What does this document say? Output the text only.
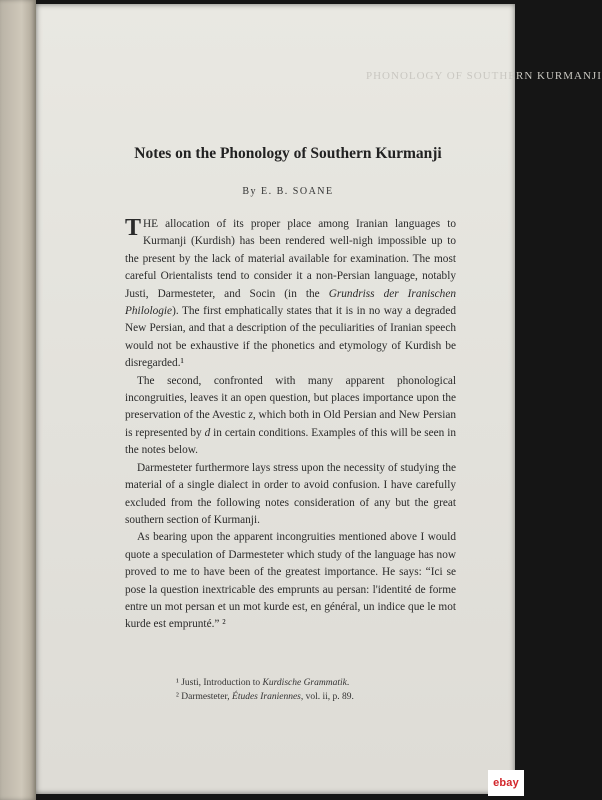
PHONOLOGY OF SOUTHERN KURMANJI
Notes on the Phonology of Southern Kurmanji
By E. B. SOANE

THE allocation of its proper place among Iranian languages to Kurmanji (Kurdish) has been rendered well-nigh impossible up to the present by the lack of material available for examination. The most careful Orientalists tend to consider it a non-Persian language, notably Justi, Darmesteter, and Socin (in the Grundriss der Iranischen Philologie). The first emphatically states that it is in no way a degraded New Persian, and that a description of the peculiarities of Iranian speech would not be exhaustive if the phonetics and etymology of Kurdish be disregarded.¹

The second, confronted with many apparent phonological incongruities, leaves it an open question, but places importance upon the preservation of the Avestic z, which both in Old Persian and New Persian is represented by d in certain conditions. Examples of this will be seen in the notes below.

Darmesteter furthermore lays stress upon the necessity of studying the material of a single dialect in order to avoid confusion. I have carefully excluded from the following notes consideration of any but the great southern section of Kurmanji.

As bearing upon the apparent incongruities mentioned above I would quote a speculation of Darmesteter which study of the language has now proved to me to have been of the greatest importance. He says: “Ici se pose la question inextricable des emprunts au persan: l'identité de forme entre un mot persan et un mot kurde est, en général, un indice que le mot kurde est emprunté.” ²

¹ Justi, Introduction to Kurdische Grammatik.
² Darmesteter, Études Iraniennes, vol. ii, p. 89.
ebay
